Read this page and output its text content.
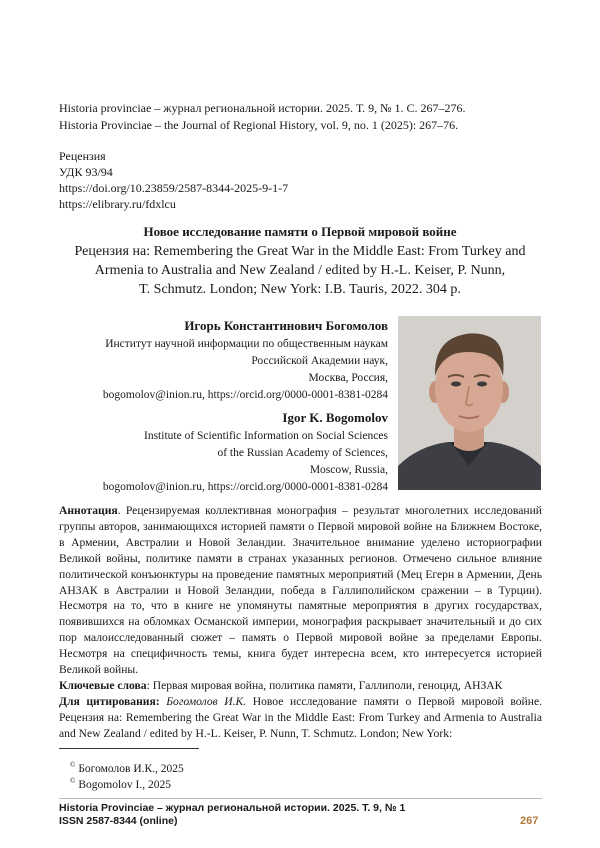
Historia provinciae – журнал региональной истории. 2025. Т. 9, № 1. С. 267–276.
Historia Provinciae – the Journal of Regional History, vol. 9, no. 1 (2025): 267–76.
Рецензия
УДК 93/94
https://doi.org/10.23859/2587-8344-2025-9-1-7
https://elibrary.ru/fdxlcu
Новое исследование памяти о Первой мировой войне
Рецензия на: Remembering the Great War in the Middle East: From Turkey and
Armenia to Australia and New Zealand / edited by H.-L. Keiser, P. Nunn,
T. Schmutz. London; New York: I.B. Tauris, 2022. 304 p.
Игорь Константинович Богомолов
Институт научной информации по общественным наукам
Российской Академии наук,
Москва, Россия,
bogomolov@inion.ru, https://orcid.org/0000-0001-8381-0284
Igor K. Bogomolov
Institute of Scientific Information on Social Sciences
of the Russian Academy of Sciences,
Moscow, Russia,
bogomolov@inion.ru, https://orcid.org/0000-0001-8381-0284
Аннотация. Рецензируемая коллективная монография – результат многолетних исследований группы авторов, занимающихся историей памяти о Первой мировой войне на Ближнем Востоке, в Армении, Австралии и Новой Зеландии. Значительное внимание уделено историографии Великой войны, политике памяти в странах указанных регионов. Отмечено сильное влияние политической конъюнктуры на проведение памятных мероприятий (Мец Егерн в Армении, День АНЗАК в Австралии и Новой Зеландии, победа в Галлиполийском сражении – в Турции). Несмотря на то, что в книге не упомянуты памятные мероприятия в других государствах, появившихся на обломках Османской империи, монография раскрывает значительный и до сих пор малоисследованный сюжет – память о Первой мировой войне за пределами Европы. Несмотря на специфичность темы, книга будет интересна всем, кто интересуется историей Великой войны.
Ключевые слова: Первая мировая война, политика памяти, Галлиполи, геноцид, АНЗАК
Для цитирования: Богомолов И.К. Новое исследование памяти о Первой мировой войне. Рецензия на: Remembering the Great War in the Middle East: From Turkey and Armenia to Australia and New Zealand / edited by H.-L. Keiser, P. Nunn, T. Schmutz. London; New York:
© Богомолов И.К., 2025
© Bogomolov I., 2025
Historia Provinciae – журнал региональной истории. 2025. Т. 9, № 1
ISSN 2587-8344 (online)	267
